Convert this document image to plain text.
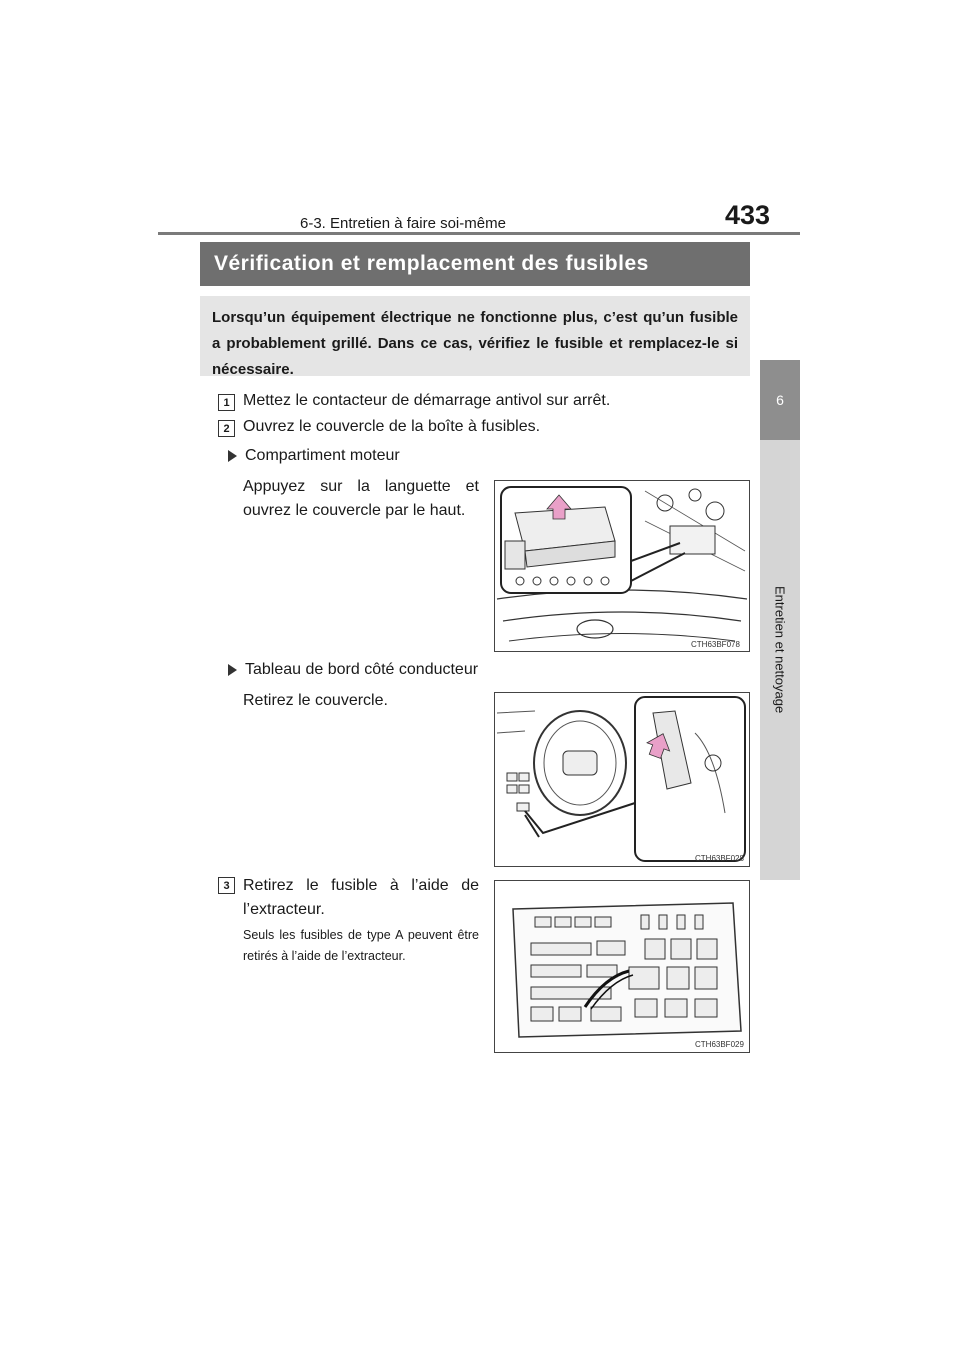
6-3. Entretien à faire soi-même	433
6
Entretien et nettoyage
Vérification et remplacement des fusibles
Lorsqu’un équipement électrique ne fonctionne plus, c’est qu’un fusible a probablement grillé. Dans ce cas, vérifiez le fusible et remplacez-le si nécessaire.
1 Mettez le contacteur de démarrage antivol sur arrêt.
2 Ouvrez le couvercle de la boîte à fusibles.
Compartiment moteur
Appuyez sur la languette et ouvrez le couvercle par le haut.
CTH63BF078
Tableau de bord côté conducteur
Retirez le couvercle.
CTH63BF028
3 Retirez le fusible à l’aide de l’extracteur.
Seuls les fusibles de type A peuvent être retirés à l’aide de l’extracteur.
CTH63BF029
